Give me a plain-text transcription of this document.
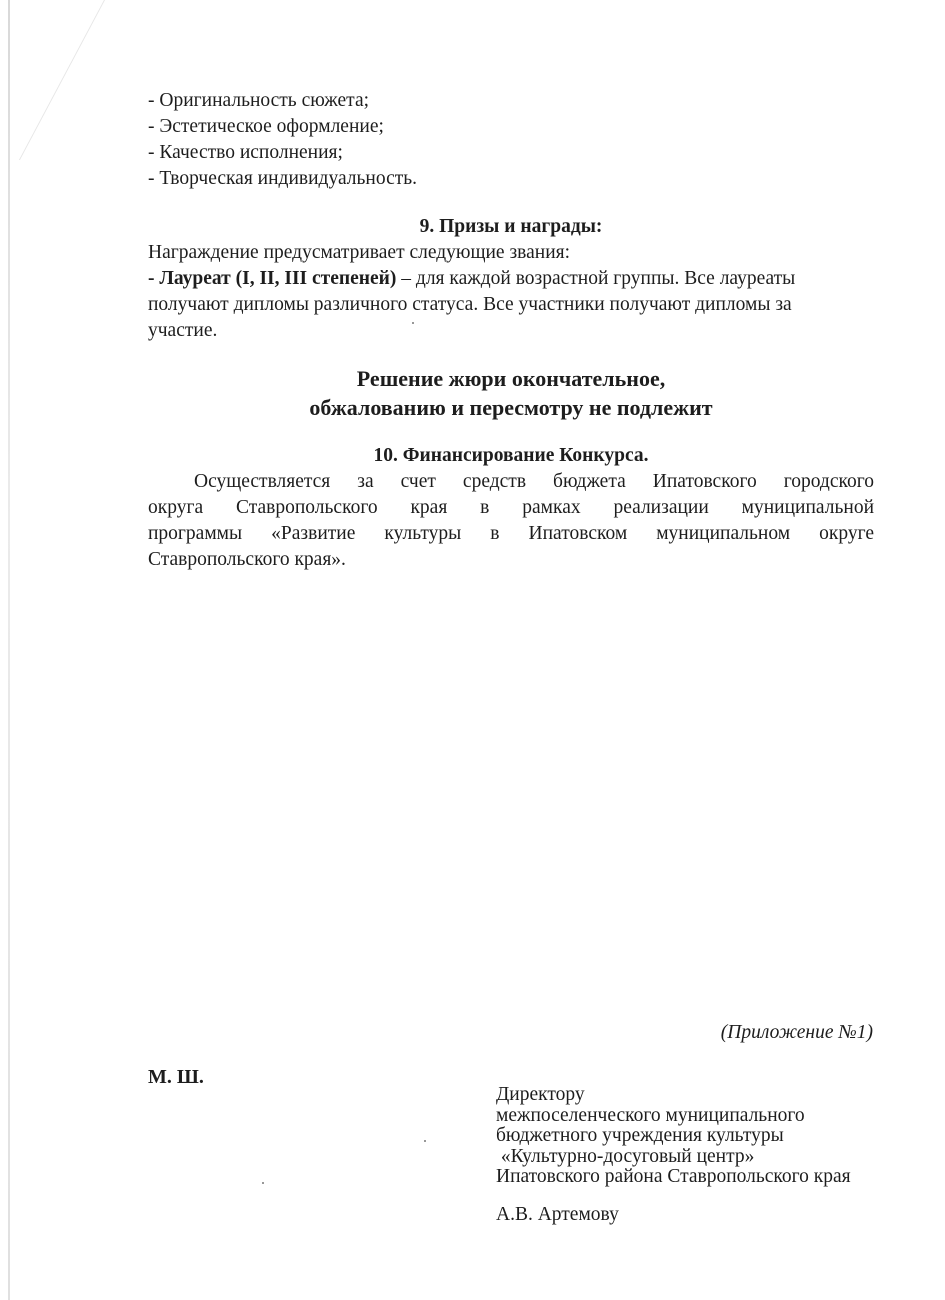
- Оригинальность сюжета;
- Эстетическое оформление;
- Качество исполнения;
- Творческая индивидуальность.
9. Призы и награды:
Награждение предусматривает следующие звания:
- Лауреат (I, II, III степеней) – для каждой возрастной группы. Все лауреаты
получают дипломы различного статуса. Все участники получают дипломы за
участие.
Решение жюри окончательное,
обжалованию и пересмотру не подлежит
10. Финансирование Конкурса.
Осуществляется за счет средств бюджета Ипатовского городского
округа Ставропольского края в рамках реализации муниципальной
программы «Развитие культуры в Ипатовском муниципальном округе
Ставропольского края».
(Приложение №1)
М. Ш.
Директору
межпоселенческого муниципального
бюджетного учреждения культуры
«Культурно-досуговый центр»
Ипатовского района Ставропольского края
А.В. Артемову
